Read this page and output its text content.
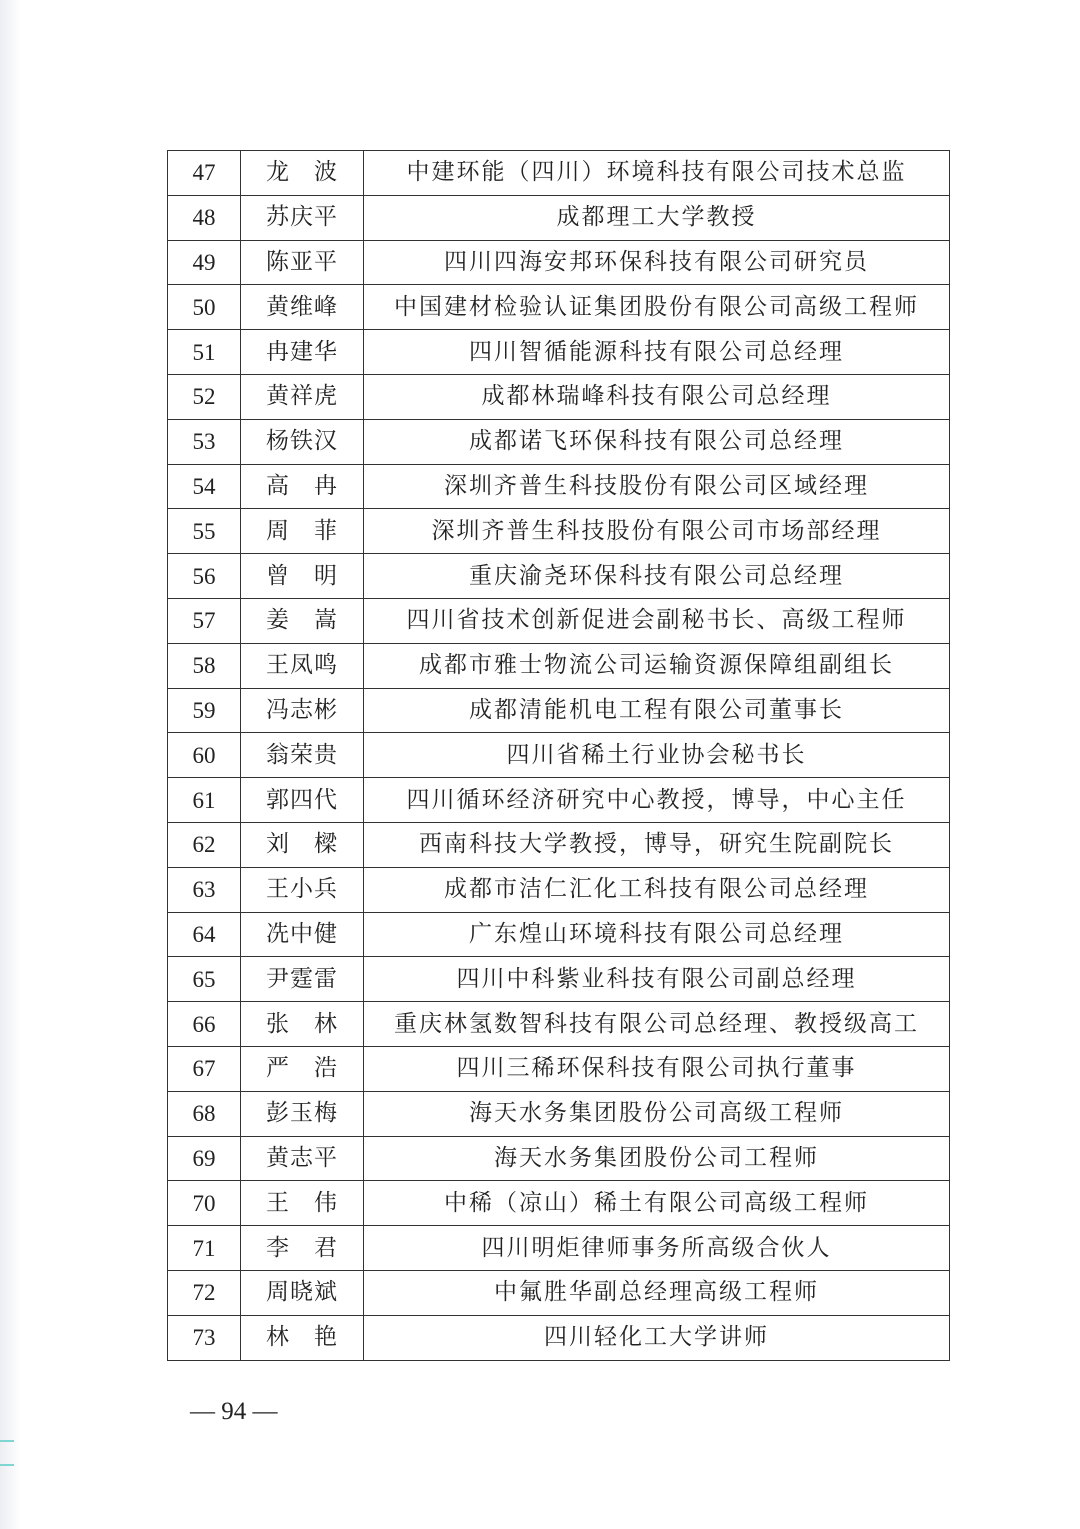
47	龙　波	中建环能（四川）环境科技有限公司技术总监
48	苏庆平	成都理工大学教授
49	陈亚平	四川四海安邦环保科技有限公司研究员
50	黄维峰	中国建材检验认证集团股份有限公司高级工程师
51	冉建华	四川智循能源科技有限公司总经理
52	黄祥虎	成都林瑞峰科技有限公司总经理
53	杨铁汉	成都诺飞环保科技有限公司总经理
54	高　冉	深圳齐普生科技股份有限公司区域经理
55	周　菲	深圳齐普生科技股份有限公司市场部经理
56	曾　明	重庆渝尧环保科技有限公司总经理
57	姜　嵩	四川省技术创新促进会副秘书长、高级工程师
58	王凤鸣	成都市雅士物流公司运输资源保障组副组长
59	冯志彬	成都清能机电工程有限公司董事长
60	翁荣贵	四川省稀土行业协会秘书长
61	郭四代	四川循环经济研究中心教授，博导，中心主任
62	刘　樑	西南科技大学教授，博导，研究生院副院长
63	王小兵	成都市洁仁汇化工科技有限公司总经理
64	冼中健	广东煌山环境科技有限公司总经理
65	尹霆雷	四川中科紫业科技有限公司副总经理
66	张　林	重庆林氢数智科技有限公司总经理、教授级高工
67	严　浩	四川三稀环保科技有限公司执行董事
68	彭玉梅	海天水务集团股份公司高级工程师
69	黄志平	海天水务集团股份公司工程师
70	王　伟	中稀（凉山）稀土有限公司高级工程师
71	李　君	四川明炬律师事务所高级合伙人
72	周晓斌	中氟胜华副总经理高级工程师
73	林　艳	四川轻化工大学讲师
— 94 —
